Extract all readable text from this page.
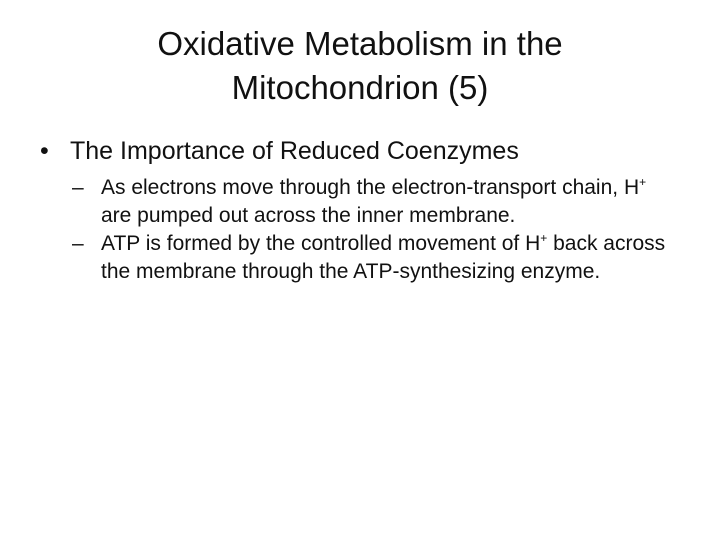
Oxidative Metabolism in the
Mitochondrion (5)

• The Importance of Reduced Coenzymes

– As electrons move through the electron-transport chain, H+ are pumped out across the inner membrane.

– ATP is formed by the controlled movement of H+ back across the membrane through the ATP-synthesizing enzyme.
